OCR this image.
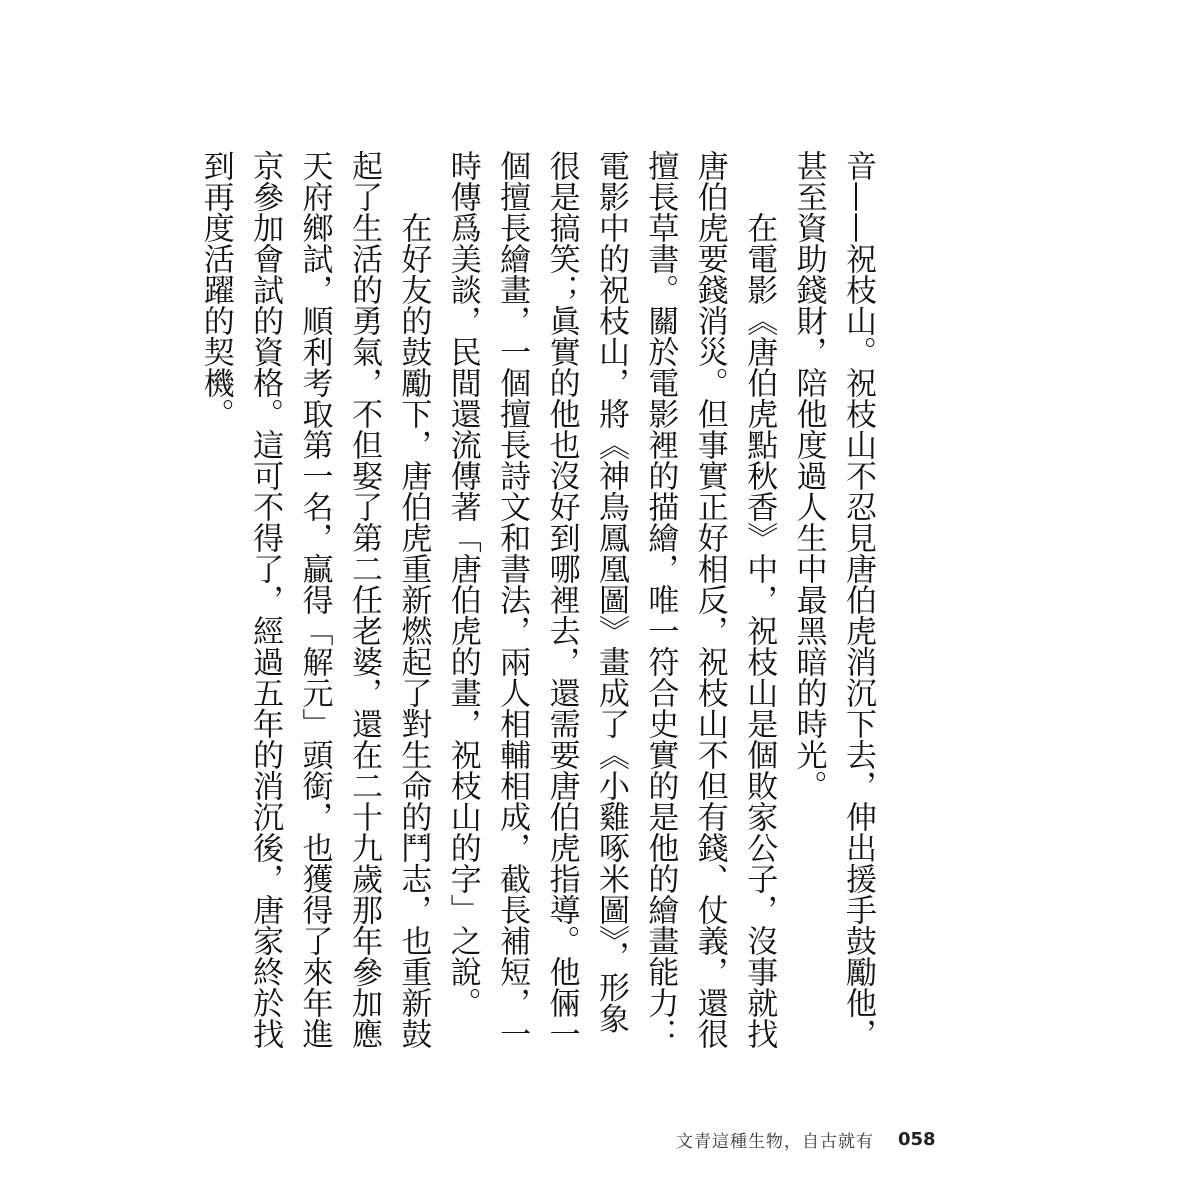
音——祝枝山。祝枝山不忍見唐伯虎消沉下去，伸出援手鼓勵他，甚至資助錢財，陪他度過人生中最黑暗的時光。

在電影《唐伯虎點秋香》中，祝枝山是個敗家公子，沒事就找唐伯虎要錢消災。但事實正好相反，祝枝山不但有錢、仗義，還很擅長草書。關於電影裡的描繪，唯一符合史實的是他的繪畫能力：電影中的祝枝山，將《神鳥鳳凰圖》畫成了《小雞啄米圖》，形象很是搞笑；眞實的他也沒好到哪裡去，還需要唐伯虎指導。他倆一個擅長繪畫，一個擅長詩文和書法，兩人相輔相成，截長補短，一時傳爲美談，民間還流傳著「唐伯虎的畫，祝枝山的字」之說。

在好友的鼓勵下，唐伯虎重新燃起了對生命的鬥志，也重新鼓起了生活的勇氣，不但娶了第二任老婆，還在二十九歲那年參加應天府鄉試，順利考取第一名，贏得「解元」頭銜，也獲得了來年進京參加會試的資格。這可不得了，經過五年的消沉後，唐家終於找到再度活躍的契機。

文青這種生物，自古就有 058
